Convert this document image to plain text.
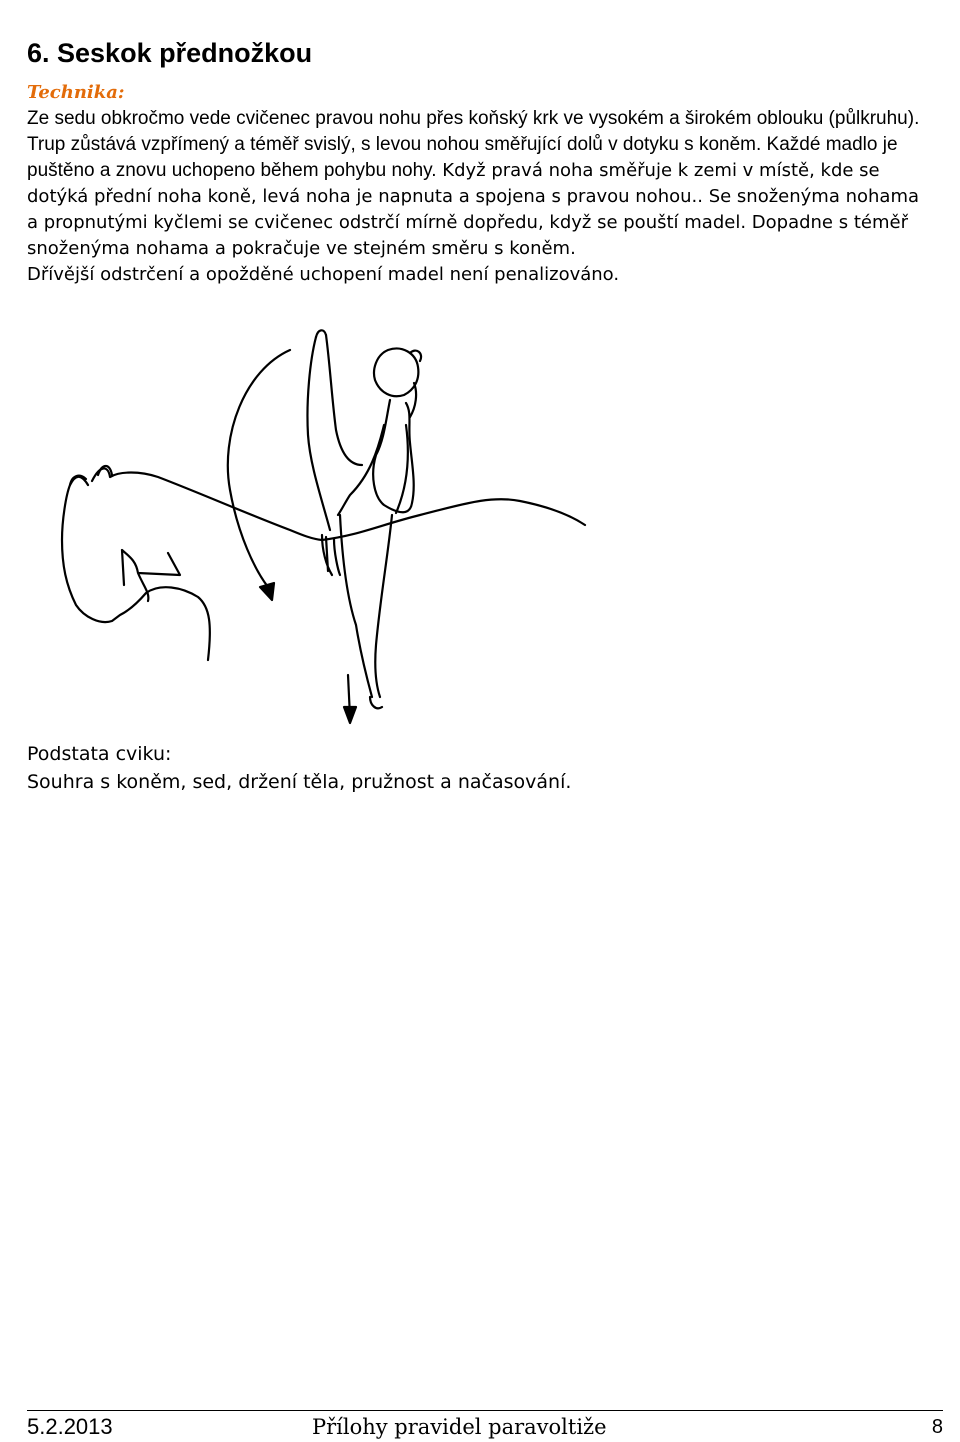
6. Seskok přednožkou
Technika:
Ze sedu obkročmo vede cvičenec pravou nohu přes koňský krk ve vysokém a širokém oblouku (půlkruhu). Trup zůstává vzpřímený a téměř svislý, s levou nohou směřující dolů v dotyku s koněm. Každé madlo je puštěno a znovu uchopeno během pohybu nohy. Když pravá noha směřuje k zemi v místě, kde se dotýká přední noha koně, levá noha je napnuta a spojena s pravou nohou.. Se snoženýma nohama a propnutými kyčlemi se cvičenec odstrčí mírně dopředu, když se pouští madel. Dopadne s téměř snoženýma nohama a pokračuje ve stejném směru s koněm.

Dřívější odstrčení a opožděné uchopení madel není penalizováno.

Podstata cviku:
Souhra s koněm, sed, držení těla, pružnost a načasování.
5.2.2013	Přílohy pravidel paravoltiže	8
